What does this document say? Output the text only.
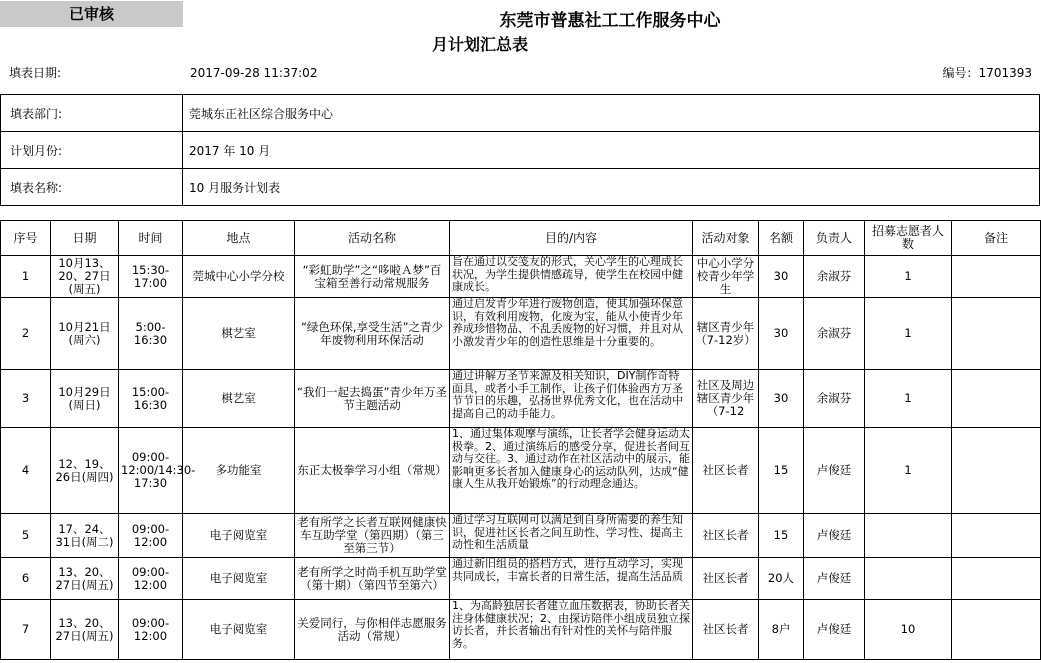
已审核	东莞市普惠社工工作服务中心
月计划汇总表
填表日期:	2017-09-28 11:37:02	编号：1701393
填表部门:	莞城东正社区综合服务中心
计划月份:	2017 年 10 月
填表名称:	10 月服务计划表
序号	日期	时间	地点	活动名称	目的/内容	活动对象	名额	负责人	招募志愿者人数	备注
1	10月13、20、27日(周五)	15:30-17:00	莞城中心小学分校	“彩虹助学”之“哆啦Ａ梦”百宝箱至善行动常规服务	旨在通过以交笺友的形式，关心学生的心理成长状况，为学生提供情感疏导，使学生在校园中健康成长。	中心小学分校青少年学生	30	余淑芬	1	
2	10月21日(周六)	5:00-16:30	棋艺室	“绿色环保,享受生活”之青少年废物利用环保活动	通过启发青少年进行废物创造，使其加强环保意识，有效利用废物，化废为宝，能从小使青少年养成珍惜物品、不乱丢废物的好习惯，并且对从小激发青少年的创造性思维是十分重要的。	辖区青少年（7-12岁）	30	余淑芬	1	
3	10月29日(周日)	15:00-16:30	棋艺室	“我们一起去捣蛋”青少年万圣节主题活动	通过讲解万圣节来源及相关知识，DIY制作奇特面具，或者小手工制作，让孩子们体验西方万圣节节日的乐趣，弘扬世界优秀文化，也在活动中提高自己的动手能力。	社区及周边辖区青少年（7-12	30	余淑芬	1	
4	12、19、26日(周四)	09:00-12:00/14:30-17:30	多功能室	东正太极拳学习小组（常规）	1、通过集体观摩与演练，让长者学会健身运动太极拳。2、通过演练后的感受分享，促进长者间互动与交往。3、通过动作在社区活动中的展示，能影响更多长者加入健康身心的运动队列，达成“健康人生从我开始锻炼”的行动理念通达。	社区长者	15	卢俊廷	1	
5	17、24、31日(周二)	09:00-12:00	电子阅览室	老有所学之长者互联网健康快车互助学堂（第四期）（第三至第三节）	通过学习互联网可以满足到自身所需要的养生知识，促进社区长者之间互助性、学习性、提高主动性和生活质量	社区长者	15	卢俊廷		
6	13、20、27日(周五)	09:00-12:00	电子阅览室	老有所学之时尚手机互助学堂（第十期）（第四节至第六）	通过新旧组员的搭档方式，进行互动学习，实现共同成长，丰富长者的日常生活，提高生活品质	社区长者	20人	卢俊廷		
7	13、20、27日(周五)	09:00-12:00	电子阅览室	关爱同行，与你相伴志愿服务活动（常规）	1、为高龄独居长者建立血压数据表，协助长者关注身体健康状况；2、由探访陪伴小组成员独立探访长者，并长者输出有针对性的关怀与陪伴服务。	社区长者	8户	卢俊廷	10	
